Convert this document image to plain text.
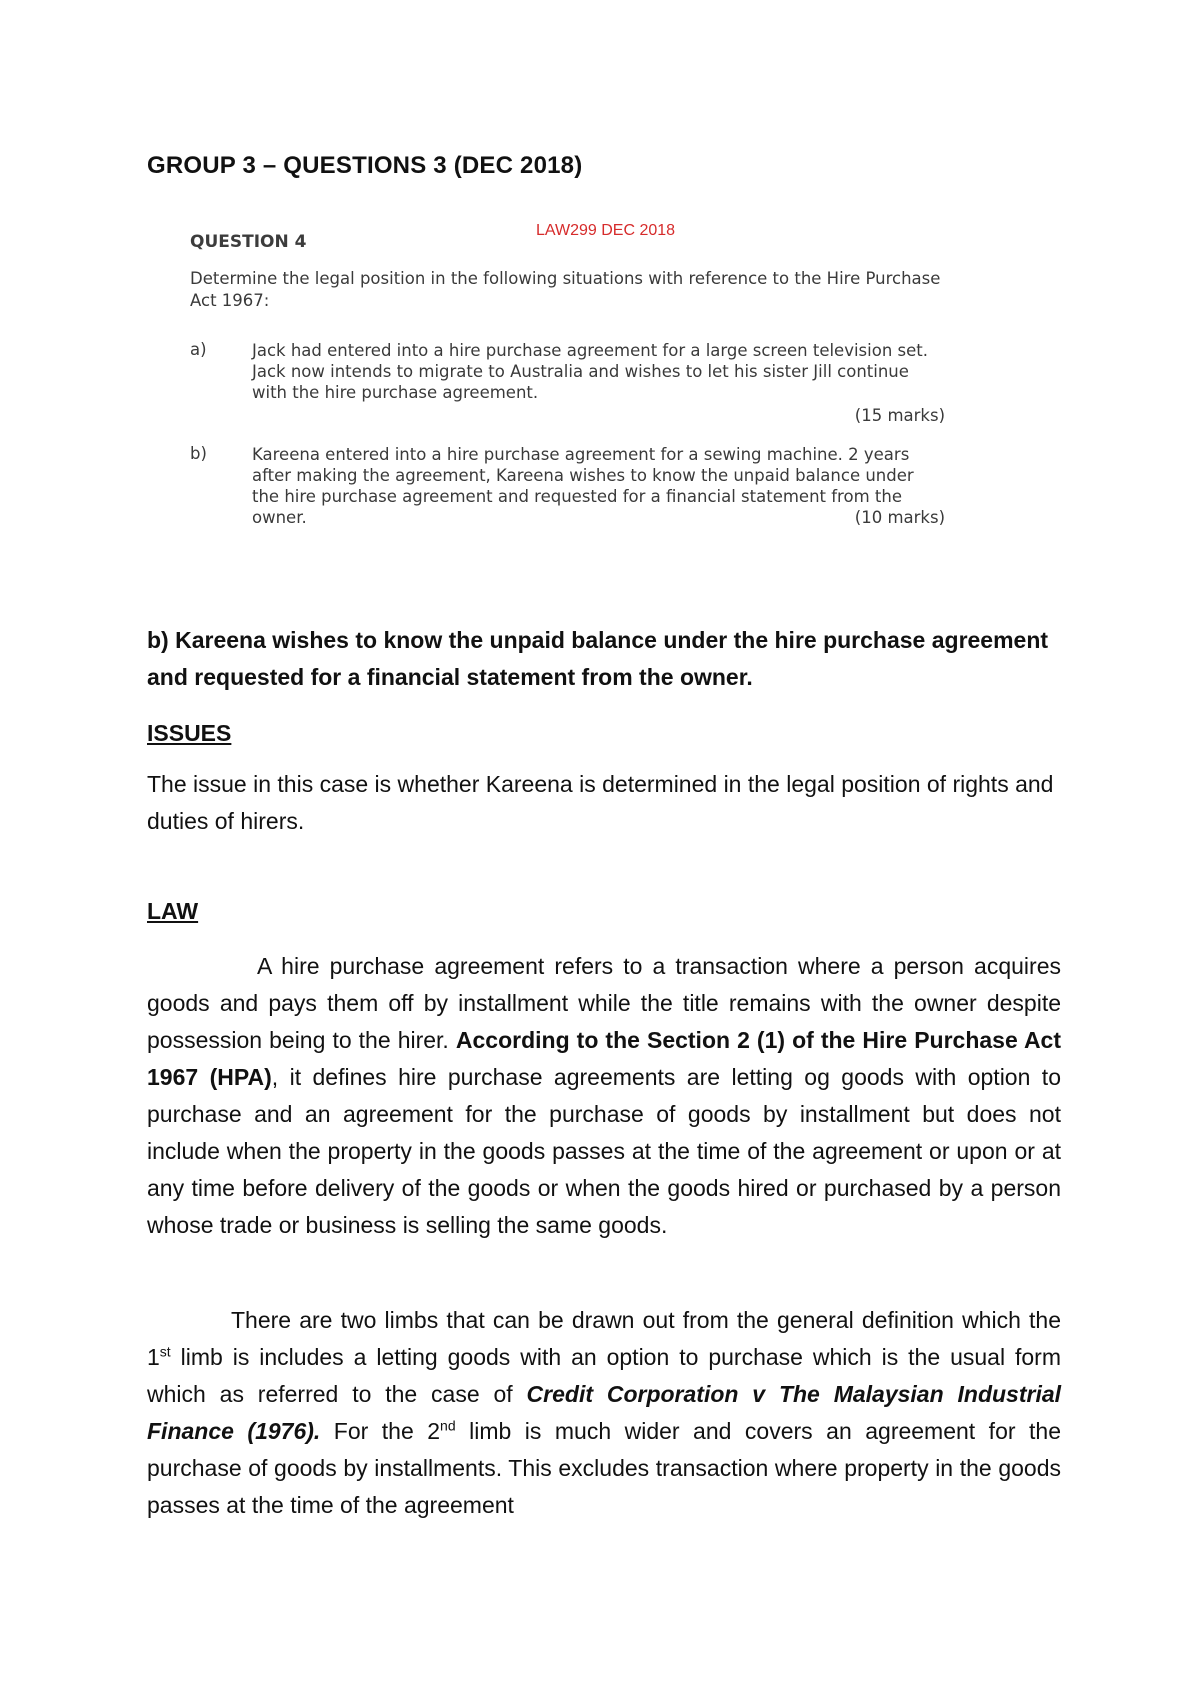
GROUP 3 – QUESTIONS 3 (DEC 2018)
QUESTION 4
LAW299 DEC 2018
Determine the legal position in the following situations with reference to the Hire Purchase Act 1967:
a)	Jack had entered into a hire purchase agreement for a large screen television set. Jack now intends to migrate to Australia and wishes to let his sister Jill continue with the hire purchase agreement.
(15 marks)
b)	Kareena entered into a hire purchase agreement for a sewing machine. 2 years after making the agreement, Kareena wishes to know the unpaid balance under the hire purchase agreement and requested for a financial statement from the owner.	(10 marks)
b) Kareena wishes to know the unpaid balance under the hire purchase agreement and requested for a financial statement from the owner.
ISSUES
The issue in this case is whether Kareena is determined in the legal position of rights and duties of hirers.
LAW
A hire purchase agreement refers to a transaction where a person acquires goods and pays them off by installment while the title remains with the owner despite possession being to the hirer. According to the Section 2 (1) of the Hire Purchase Act 1967 (HPA), it defines hire purchase agreements are letting og goods with option to purchase and an agreement for the purchase of goods by installment but does not include when the property in the goods passes at the time of the agreement or upon or at any time before delivery of the goods or when the goods hired or purchased by a person whose trade or business is selling the same goods.
There are two limbs that can be drawn out from the general definition which the 1st limb is includes a letting goods with an option to purchase which is the usual form which as referred to the case of Credit Corporation v The Malaysian Industrial Finance (1976). For the 2nd limb is much wider and covers an agreement for the purchase of goods by installments. This excludes transaction where property in the goods passes at the time of the agreement
